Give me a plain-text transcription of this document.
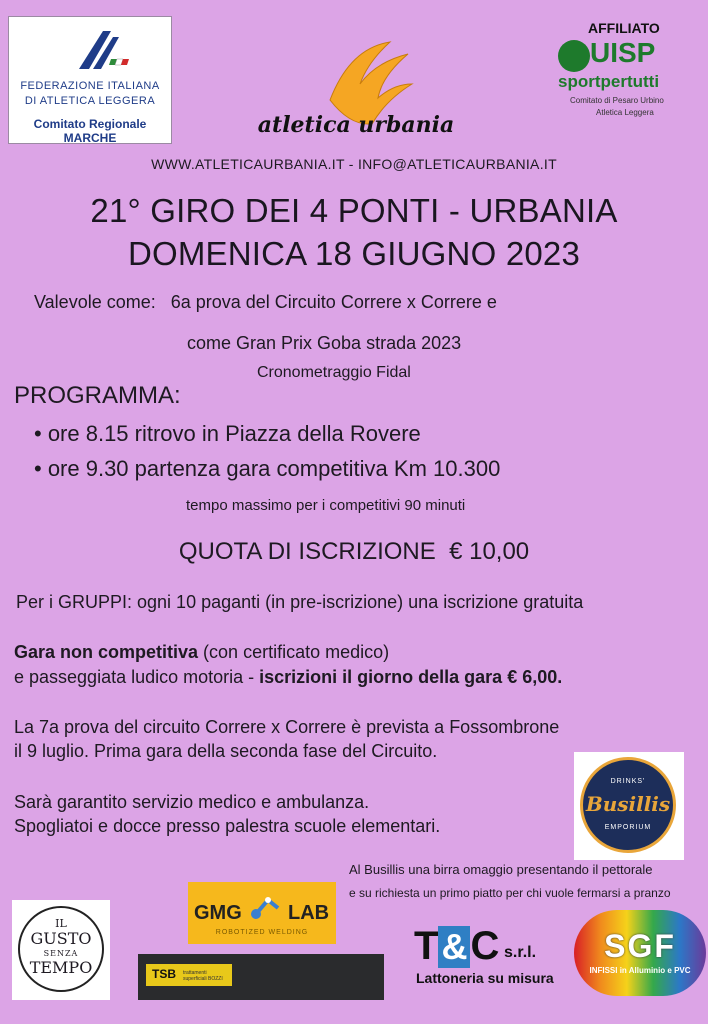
FEDERAZIONE ITALIANA
DI ATLETICA LEGGERA
Comitato Regionale MARCHE	atletica urbania
AFFILIATO
UISP
sportpertutti
Comitato di Pesaro Urbino
Atletica Leggera
WWW.ATLETICAURBANIA.IT - INFO@ATLETICAURBANIA.IT
21° GIRO DEI 4 PONTI - URBANIA
DOMENICA 18 GIUGNO 2023
Valevole come:   6a prova del Circuito Correre x Correre e
come Gran Prix Goba strada 2023
Cronometraggio Fidal
PROGRAMMA:
• ore 8.15 ritrovo in Piazza della Rovere
• ore 9.30 partenza gara competitiva Km 10.300
tempo massimo per i competitivi 90 minuti
QUOTA DI ISCRIZIONE  € 10,00
Per i GRUPPI: ogni 10 paganti (in pre-iscrizione) una iscrizione gratuita
Gara non competitiva (con certificato medico)
e passeggiata ludico motoria - iscrizioni il giorno della gara € 6,00.
La 7a prova del circuito Correre x Correre è prevista a Fossombrone
il 9 luglio. Prima gara della seconda fase del Circuito.
Sarà garantito servizio medico e ambulanza.
Spogliatoi e docce presso palestra scuole elementari.
DRINKS'
Busillis
EMPORIUM
Al Busillis una birra omaggio presentando il pettorale
e su richiesta un primo piatto per chi vuole fermarsi a pranzo
IL
GUSTO
SENZA
TEMPO
GMG LAB
ROBOTIZED WELDING
TSB trattamenti superficiali BOZZI
T&C s.r.l.
Lattoneria su misura
SGF
INFISSI in Alluminio e PVC
